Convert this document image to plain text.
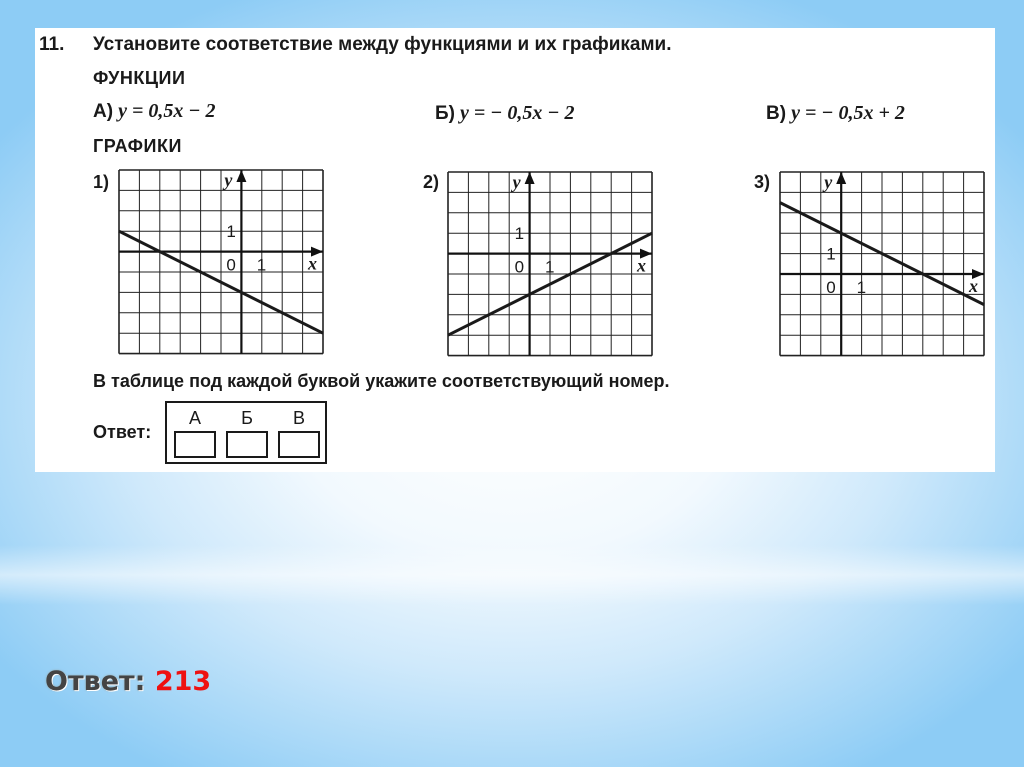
11. Установите соответствие между функциями и их графиками.
ФУНКЦИИ
А) y = 0,5x − 2	Б) y = − 0,5x − 2	В) y = − 0,5x + 2
ГРАФИКИ
1)	2)	3)
y
x
0 1
1
y
x
0 1
1
y
x
0 1
1
В таблице под каждой буквой укажите соответствующий номер.
Ответ:
А	Б	В
Ответ: 213
